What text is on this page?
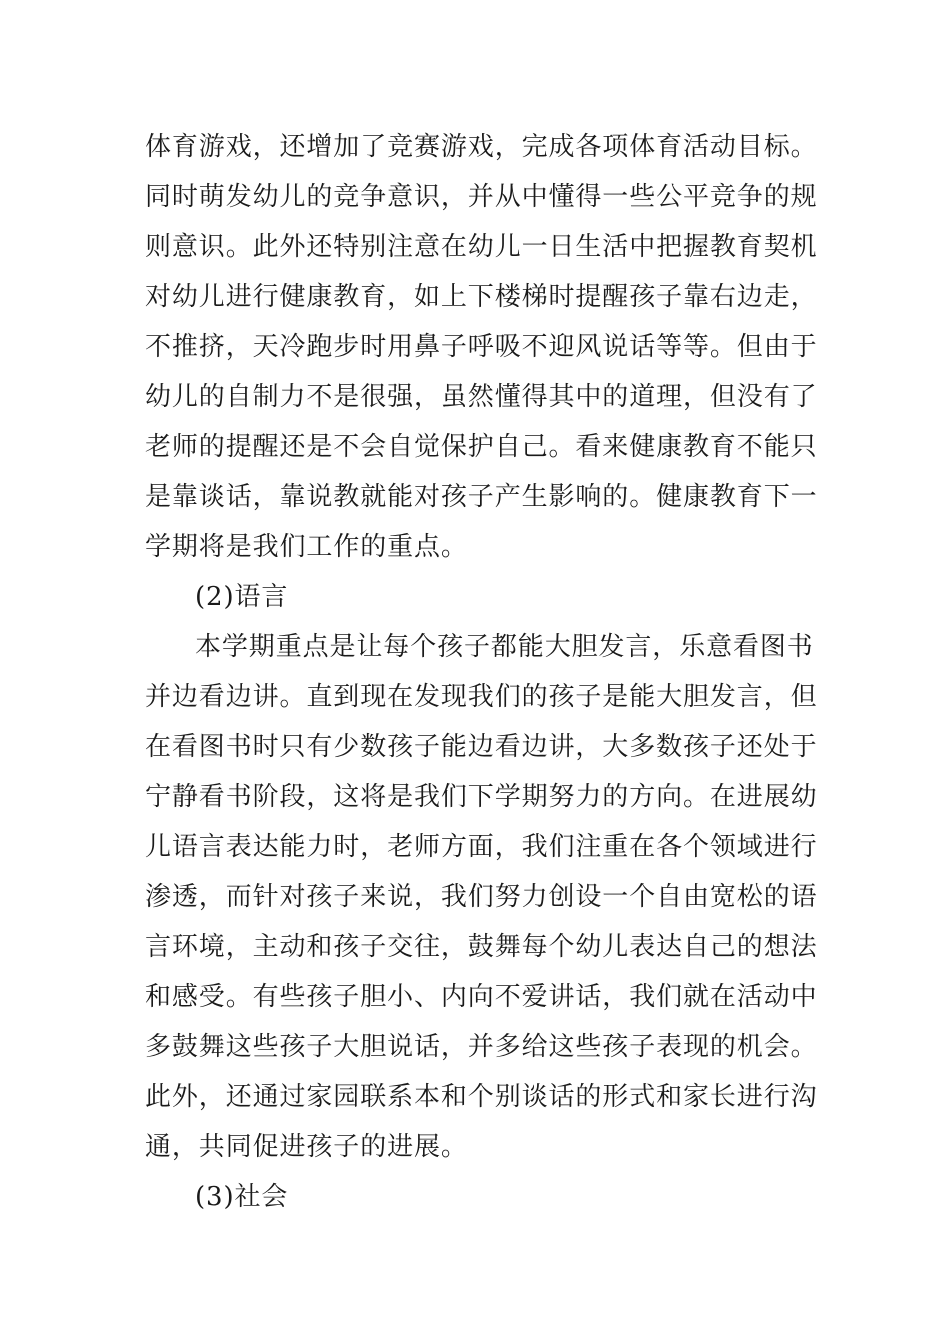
体育游戏，还增加了竞赛游戏，完成各项体育活动目标。
同时萌发幼儿的竞争意识，并从中懂得一些公平竞争的规
则意识。此外还特别注意在幼儿一日生活中把握教育契机
对幼儿进行健康教育，如上下楼梯时提醒孩子靠右边走，
不推挤，天冷跑步时用鼻子呼吸不迎风说话等等。但由于
幼儿的自制力不是很强，虽然懂得其中的道理，但没有了
老师的提醒还是不会自觉保护自己。看来健康教育不能只
是靠谈话，靠说教就能对孩子产生影响的。健康教育下一
学期将是我们工作的重点。
(2)语言
本学期重点是让每个孩子都能大胆发言，乐意看图书
并边看边讲。直到现在发现我们的孩子是能大胆发言，但
在看图书时只有少数孩子能边看边讲，大多数孩子还处于
宁静看书阶段，这将是我们下学期努力的方向。在进展幼
儿语言表达能力时，老师方面，我们注重在各个领域进行
渗透，而针对孩子来说，我们努力创设一个自由宽松的语
言环境，主动和孩子交往，鼓舞每个幼儿表达自己的想法
和感受。有些孩子胆小、内向不爱讲话，我们就在活动中
多鼓舞这些孩子大胆说话，并多给这些孩子表现的机会。
此外，还通过家园联系本和个别谈话的形式和家长进行沟
通，共同促进孩子的进展。
(3)社会
